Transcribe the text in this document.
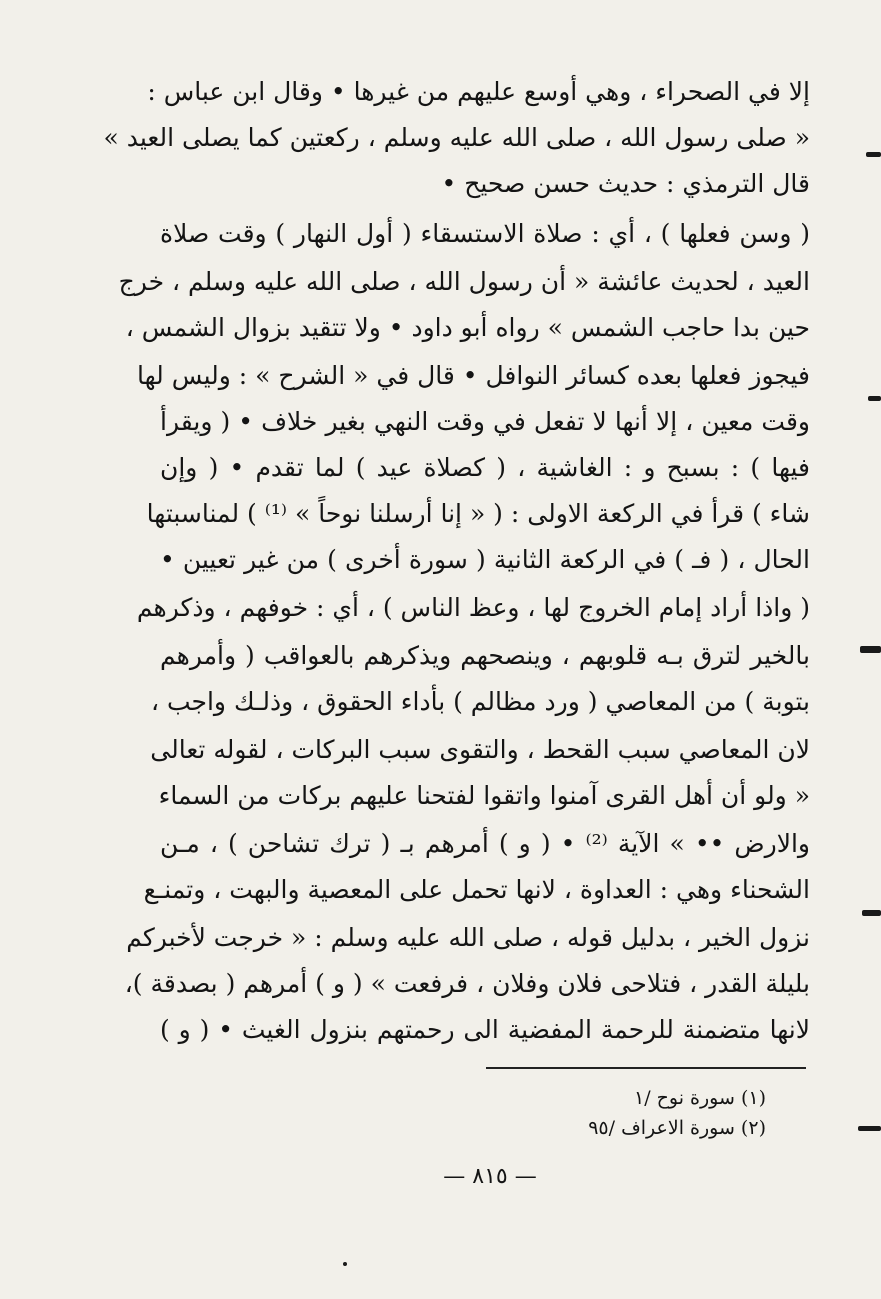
إلا في الصحراء ، وهي أوسع عليهم من غيرها • وقال ابن عباس :
« صلى رسول الله ، صلى الله عليه وسلم ، ركعتين كما يصلى العيد »
قال الترمذي : حديث حسن صحيح •
( وسن فعلها ) ، أي : صلاة الاستسقاء ( أول النهار ) وقت صلاة
العيد ، لحديث عائشة « أن رسول الله ، صلى الله عليه وسلم ، خرج
حين بدا حاجب الشمس » رواه أبو داود • ولا تتقيد بزوال الشمس ،
فيجوز فعلها بعده كسائر النوافل • قال في « الشرح » : وليس لها
وقت معين ، إلا أنها لا تفعل في وقت النهي بغير خلاف • ( ويقرأ
فيها ) : بسبح و : الغاشية ، ( كصلاة عيد ) لما تقدم • ( وإن
شاء ) قرأ في الركعة الاولى : ( « إنا أرسلنا نوحاً » ⁽¹⁾ ) لمناسبتها
الحال ، ( فـ ) في الركعة الثانية ( سورة أخرى ) من غير تعيين •
( واذا أراد إمام الخروج لها ، وعظ الناس ) ، أي : خوفهم ، وذكرهم
بالخير لترق بـه قلوبهم ، وينصحهم ويذكرهم بالعواقب ( وأمرهم
بتوبة ) من المعاصي ( ورد مظالم ) بأداء الحقوق ، وذلـك واجب ،
لان المعاصي سبب القحط ، والتقوى سبب البركات ، لقوله تعالى
« ولو أن أهل القرى آمنوا واتقوا لفتحنا عليهم بركات من السماء
والارض •• » الآية ⁽²⁾ • ( و ) أمرهم بـ ( ترك تشاحن ) ، مـن
الشحناء وهي : العداوة ، لانها تحمل على المعصية والبهت ، وتمنـع
نزول الخير ، بدليل قوله ، صلى الله عليه وسلم : « خرجت لأخبركم
بليلة القدر ، فتلاحى فلان وفلان ، فرفعت » ( و ) أمرهم ( بصدقة )،
لانها متضمنة للرحمة المفضية الى رحمتهم بنزول الغيث • ( و )
(١) سورة نوح /١
(٢) سورة الاعراف /٩٥
— ٨١٥ —
